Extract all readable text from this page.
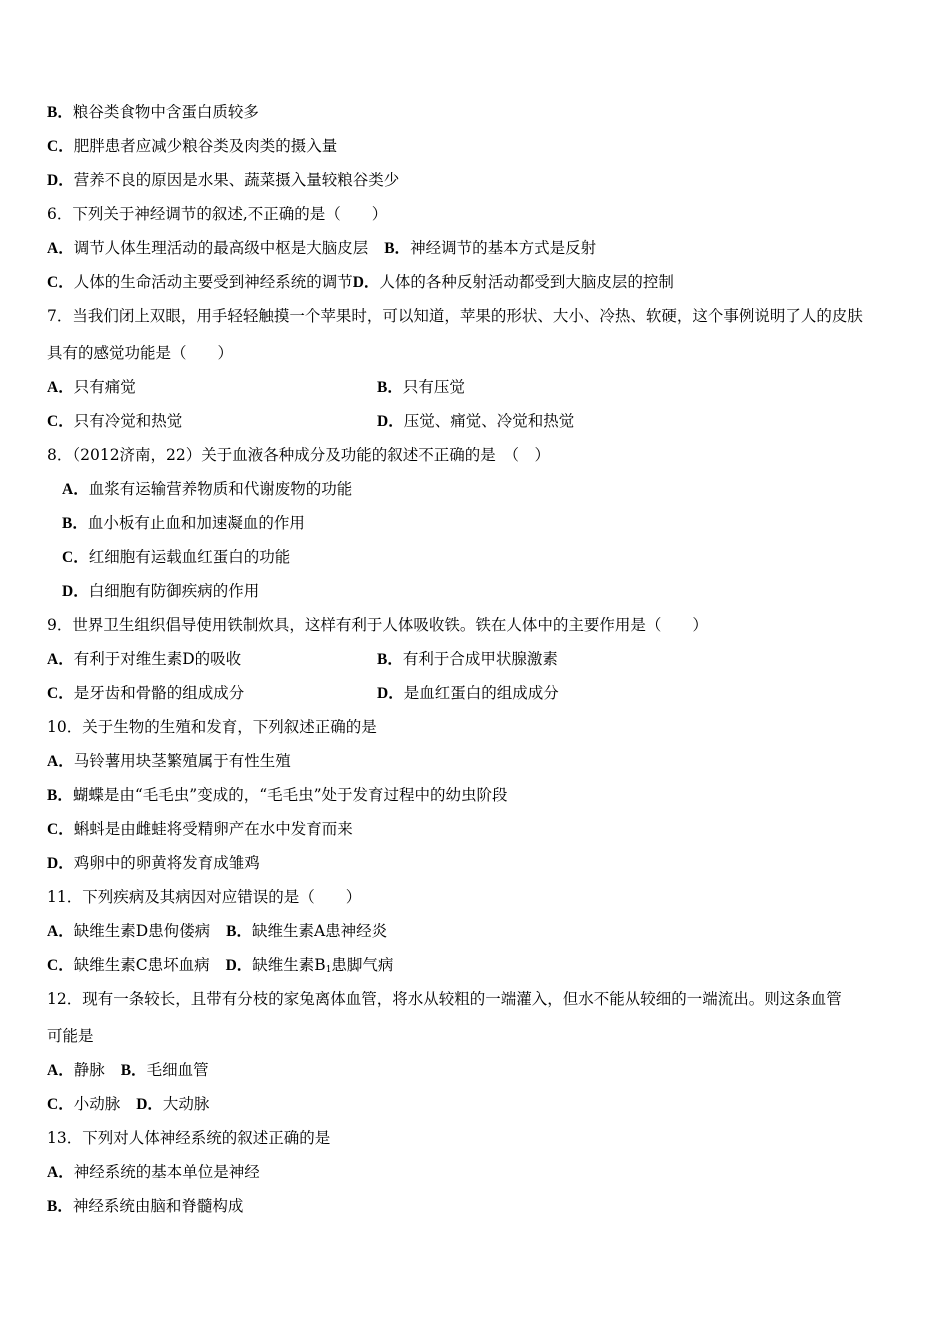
B．粮谷类食物中含蛋白质较多
C．肥胖患者应减少粮谷类及肉类的摄入量
D．营养不良的原因是水果、蔬菜摄入量较粮谷类少
6．下列关于神经调节的叙述,不正确的是（　　）
A．调节人体生理活动的最高级中枢是大脑皮层 B．神经调节的基本方式是反射
C．人体的生命活动主要受到神经系统的调节D．人体的各种反射活动都受到大脑皮层的控制
7．当我们闭上双眼，用手轻轻触摸一个苹果时，可以知道，苹果的形状、大小、冷热、软硬，这个事例说明了人的皮肤
具有的感觉功能是（　　）
A．只有痛觉	B．只有压觉
C．只有冷觉和热觉	D．压觉、痛觉、冷觉和热觉
8．（2012济南，22）关于血液各种成分及功能的叙述不正确的是　（　）
A．血浆有运输营养物质和代谢废物的功能
B．血小板有止血和加速凝血的作用
C．红细胞有运载血红蛋白的功能
D．白细胞有防御疾病的作用
9．世界卫生组织倡导使用铁制炊具，这样有利于人体吸收铁。铁在人体中的主要作用是（　　）
A．有利于对维生素D的吸收	B．有利于合成甲状腺激素
C．是牙齿和骨骼的组成成分	D．是血红蛋白的组成成分
10．关于生物的生殖和发育，下列叙述正确的是
A．马铃薯用块茎繁殖属于有性生殖
B．蝴蝶是由“毛毛虫”变成的，“毛毛虫”处于发育过程中的幼虫阶段
C．蝌蚪是由雌蛙将受精卵产在水中发育而来
D．鸡卵中的卵黄将发育成雏鸡
11．下列疾病及其病因对应错误的是（　　）
A．缺维生素D患佝偻病 B．缺维生素A患神经炎
C．缺维生素C患坏血病 D．缺维生素$B_1$患脚气病
12．现有一条较长，且带有分枝的家兔离体血管，将水从较粗的一端灌入，但水不能从较细的一端流出。则这条血管
可能是
A．静脉 B．毛细血管
C．小动脉 D．大动脉
13．下列对人体神经系统的叙述正确的是
A．神经系统的基本单位是神经
B．神经系统由脑和脊髓构成
